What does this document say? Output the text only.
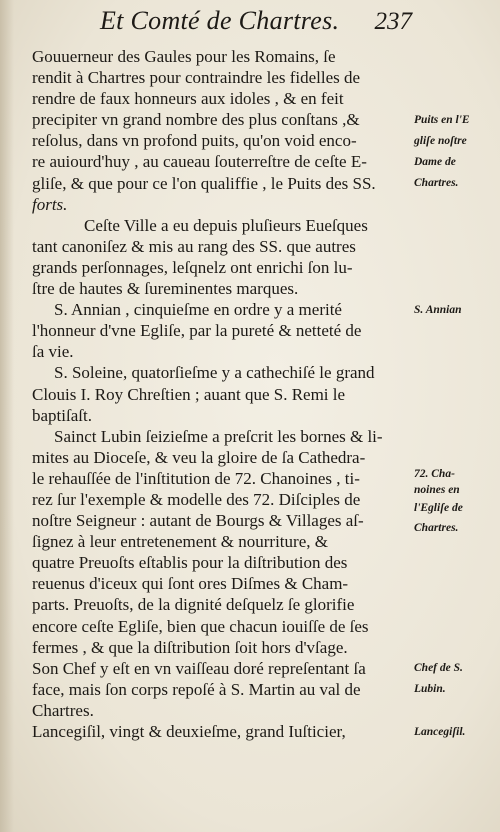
Et Comté de Chartres.	237
Gouuerneur des Gaules pour les Romains, ſe
rendit à Chartres pour contraindre les fidelles de
rendre de faux honneurs aux idoles , & en feit
precipiter vn grand nombre des plus conſtans ,&
reſolus, dans vn profond puits, qu'on void enco-
re auiourd'huy , au caueau ſouterreſtre de ceſte E-
gliſe, & que pour ce l'on qualiffie , le Puits des SS.
forts.
Ceſte Ville a eu depuis pluſieurs Eueſques
tant canoniſez & mis au rang des SS. que autres
grands perſonnages, leſqnelz ont enrichi ſon lu-
ſtre de hautes & ſureminentes marques.
S. Annian , cinquieſme en ordre y a merité
l'honneur d'vne Egliſe, par la pureté & netteté de
ſa vie.
S. Soleine, quatorſieſme y a cathechiſé le grand
Clouis I. Roy Chreſtien ; auant que S. Remi le
baptiſaſt.
Sainct Lubin ſeizieſme a preſcrit les bornes & li-
mites au Dioceſe, & veu la gloire de ſa Cathedra-
le rehauſſée de l'inſtitution de 72. Chanoines , ti-
rez ſur l'exemple & modelle des 72. Diſciples de
noſtre Seigneur : autant de Bourgs & Villages aſ-
ſignez à leur entretenement & nourriture, &
quatre Preuoſts eſtablis pour la diſtribution des
reuenus d'iceux qui ſont ores Diſmes & Cham-
parts. Preuoſts, de la dignité deſquelz ſe glorifie
encore ceſte Egliſe, bien que chacun iouiſſe de ſes
fermes , & que la diſtribution ſoit hors d'vſage.
Son Chef y eſt en vn vaiſſeau doré repreſentant ſa
face, mais ſon corps repoſé à S. Martin au val de
Chartres.
Lancegiſil, vingt & deuxieſme, grand Iuſticier,
Puits en l'E
gliſe noſtre
Dame de
Chartres.
S. Annian
72. Cha-
noines en
l'Egliſe de
Chartres.
Chef de S.
Lubin.
Lancegiſil.
